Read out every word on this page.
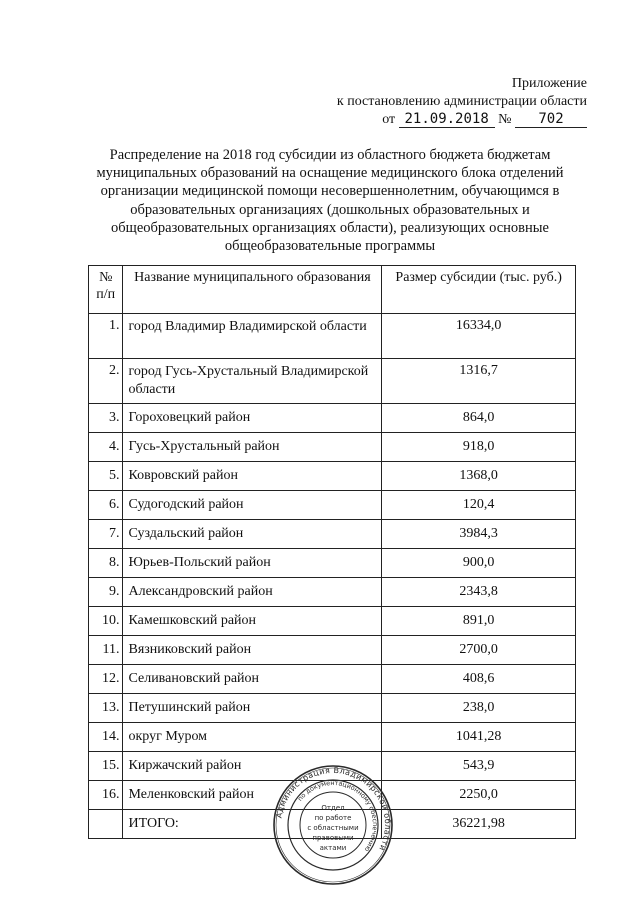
Приложение
к постановлению администрации области
от 21.09.2018 № 702
Распределение на 2018 год субсидии из областного бюджета бюджетам муниципальных образований на оснащение медицинского блока отделений организации медицинской помощи несовершеннолетним, обучающимся в образовательных организациях (дошкольных образовательных и общеобразовательных организациях области), реализующих основные общеобразовательные программы
№ п/п	Название муниципального образования	Размер субсидии (тыс. руб.)
1.	город Владимир Владимирской области	16334,0
2.	город Гусь-Хрустальный Владимирской области	1316,7
3.	Гороховецкий район	864,0
4.	Гусь-Хрустальный район	918,0
5.	Ковровский район	1368,0
6.	Судогодский район	120,4
7.	Суздальский район	3984,3
8.	Юрьев-Польский район	900,0
9.	Александровский район	2343,8
10.	Камешковский район	891,0
11.	Вязниковский район	2700,0
12.	Селивановский район	408,6
13.	Петушинский район	238,0
14.	округ Муром	1041,28
15.	Киржачский район	543,9
16.	Меленковский район	2250,0
	ИТОГО:	36221,98
Администрация Владимирской области
по документационному обеспечению
Отдел
по работе
с областными
правовыми
актами
